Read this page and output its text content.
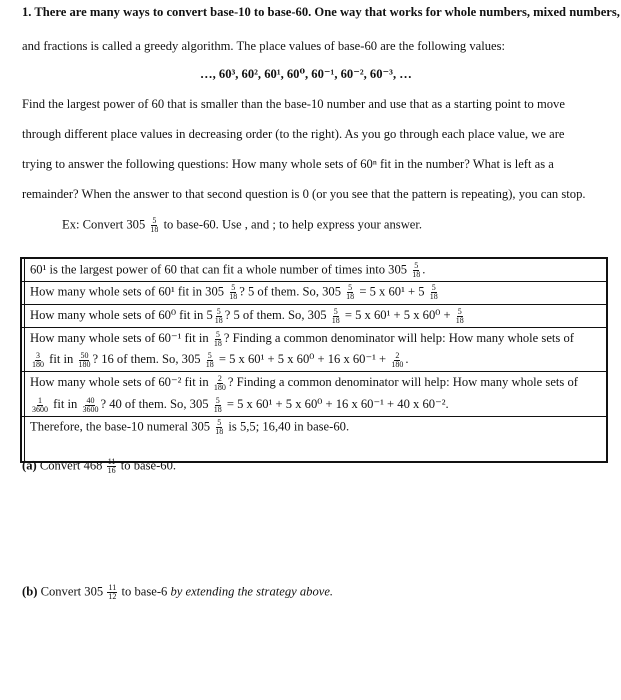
1. There are many ways to convert base-10 to base-60. One way that works for whole numbers, mixed numbers,
and fractions is called a greedy algorithm. The place values of base-60 are the following values:
…, 60³, 60², 60¹, 60⁰, 60⁻¹, 60⁻², 60⁻³, …
Find the largest power of 60 that is smaller than the base-10 number and use that as a starting point to move
through different place values in decreasing order (to the right). As you go through each place value, we are
trying to answer the following questions: How many whole sets of 60ⁿ fit in the number? What is left as a
remainder? When the answer to that second question is 0 (or you see that the pattern is repeating), you can stop.
Ex: Convert $305 \frac{5}{18}$ to base-60. Use , and ; to help express your answer.
60¹ is the largest power of 60 that can fit a whole number of times into $305 \frac{5}{18}$ .
How many whole sets of 60¹ fit in $305 \frac{5}{18}$ ? 5 of them. So, $305 \frac{5}{18} = 5$ x $60^1 + 5 \frac{5}{18}$
How many whole sets of 60⁰ fit in $5 \frac{5}{18}$ ? 5 of them. So, $305 \frac{5}{18} = 5$ x 60¹ + 5 x $60^0 + \frac{5}{18}$
How many whole sets of 60⁻¹ fit in $\frac{5}{18}$ ? Finding a common denominator will help: How many whole sets of
$\frac{3}{180}$ fit in $\frac{50}{180}$ ? 16 of them. So, $305 \frac{5}{18} = 5$ x 60¹ + 5 x 60⁰ + 16 x $60^{-1} + \frac{2}{180}$ .
How many whole sets of 60⁻² fit in $\frac{2}{180}$ ? Finding a common denominator will help: How many whole sets of
$\frac{1}{3600}$ fit in $\frac{40}{3600}$ ? 40 of them. So, $305 \frac{5}{18} = 5$ x 60¹ + 5 x 60⁰ + 16 x 60⁻¹ + 40 x 60⁻².
Therefore, the base-10 numeral $305 \frac{5}{18}$ is 5,5; 16,40 in base-60.
(a) Convert $468 \frac{11}{16}$ to base-60.
(b) Convert $305 \frac{11}{12}$ to base-6 by extending the strategy above.
